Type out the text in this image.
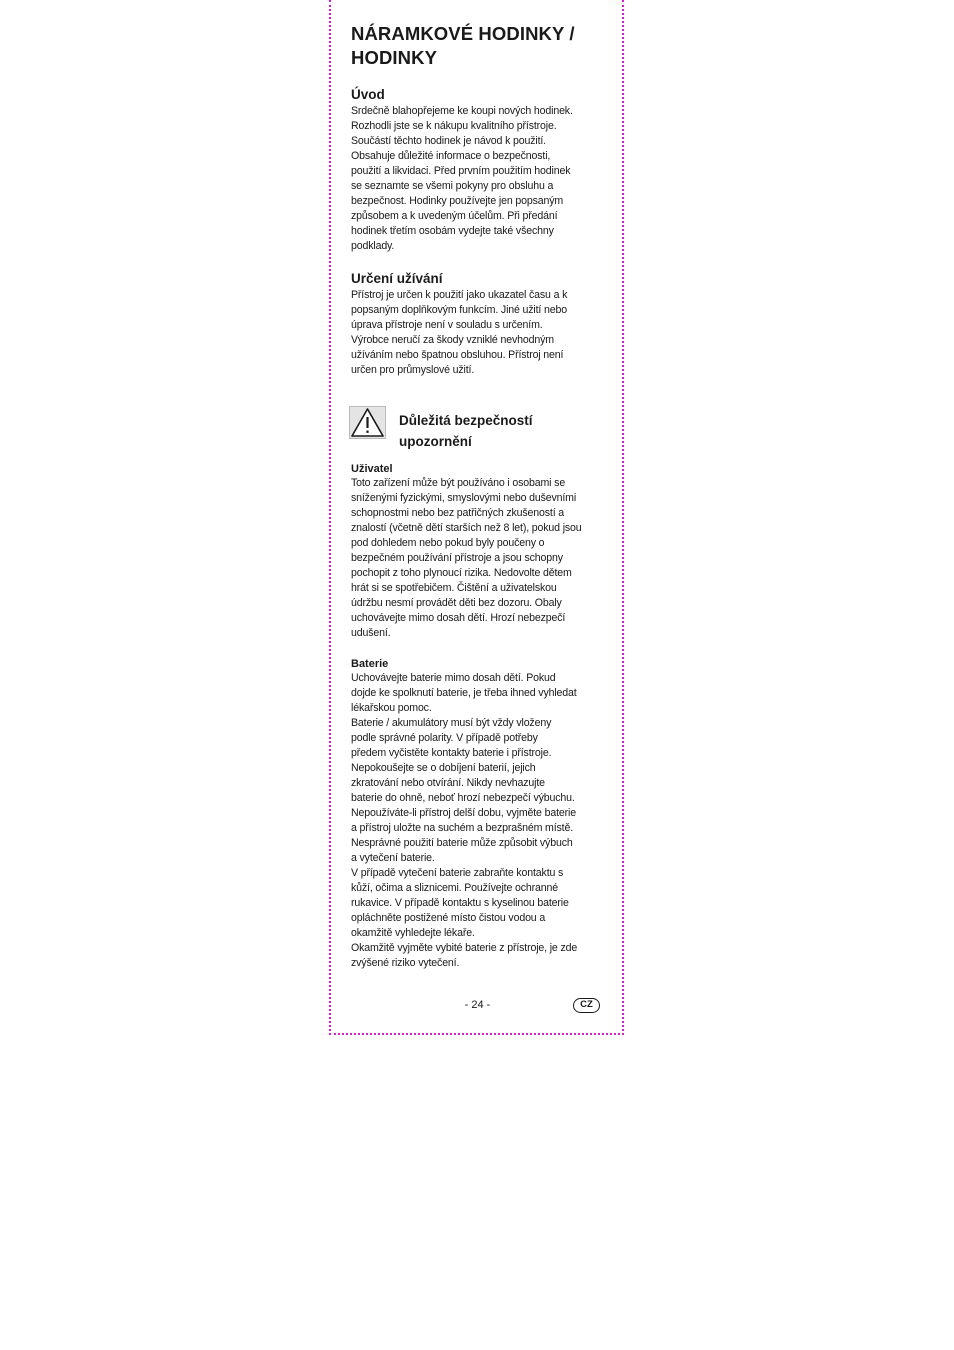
NÁRAMKOVÉ HODINKY / HODINKY
Úvod

Srdečně blahopřejeme ke koupi nových hodinek.

Rozhodli jste se k nákupu kvalitního přístroje.

Součástí těchto hodinek je návod k použití.

Obsahuje důležité informace o bezpečnosti,

použití a likvidaci. Před prvním použitím hodinek

se seznamte se všemi pokyny pro obsluhu a

bezpečnost. Hodinky používejte jen popsaným

způsobem a k uvedeným účelům. Při předání

hodinek třetím osobám vydejte také všechny

podklady.

Určení užívání

Přístroj je určen k použití jako ukazatel času a k

popsaným doplňkovým funkcím. Jiné užití nebo

úprava přístroje není v souladu s určením.

Výrobce neručí za škody vzniklé nevhodným

užíváním nebo špatnou obsluhou. Přístroj není

určen pro průmyslové užití.

Důležitá bezpečností
upozornění
Uživatel

Toto zařízení může být používáno i osobami se

sníženými fyzickými, smyslovými nebo duševními

schopnostmi nebo bez patřičných zkušeností a

znalostí (včetně dětí starších než 8 let), pokud jsou

pod dohledem nebo pokud byly poučeny o

bezpečném používání přístroje a jsou schopny

pochopit z toho plynoucí rizika. Nedovolte dětem

hrát si se spotřebičem. Čištění a uživatelskou

údržbu nesmí provádět děti bez dozoru. Obaly

uchovávejte mimo dosah dětí. Hrozí nebezpečí

udušení.

Baterie

Uchovávejte baterie mimo dosah dětí. Pokud

dojde ke spolknutí baterie, je třeba ihned vyhledat

lékařskou pomoc.

Baterie / akumulátory musí být vždy vloženy

podle správné polarity. V případě potřeby

předem vyčistěte kontakty baterie i přístroje.

Nepokoušejte se o dobíjení baterií, jejich

zkratování nebo otvírání. Nikdy nevhazujte

baterie do ohně, neboť hrozí nebezpečí výbuchu.

Nepoužíváte-li přístroj delší dobu, vyjměte baterie

a přístroj uložte na suchém a bezprašném místě.

Nesprávné použití baterie může způsobit výbuch

a vytečení baterie.

V případě vytečení baterie zabraňte kontaktu s

kůží, očima a sliznicemi. Používejte ochranné

rukavice. V případě kontaktu s kyselinou baterie

opláchněte postižené místo čistou vodou a

okamžitě vyhledejte lékaře.

Okamžitě vyjměte vybité baterie z přístroje, je zde

zvýšené riziko vytečení.

- 24 -	CZ
